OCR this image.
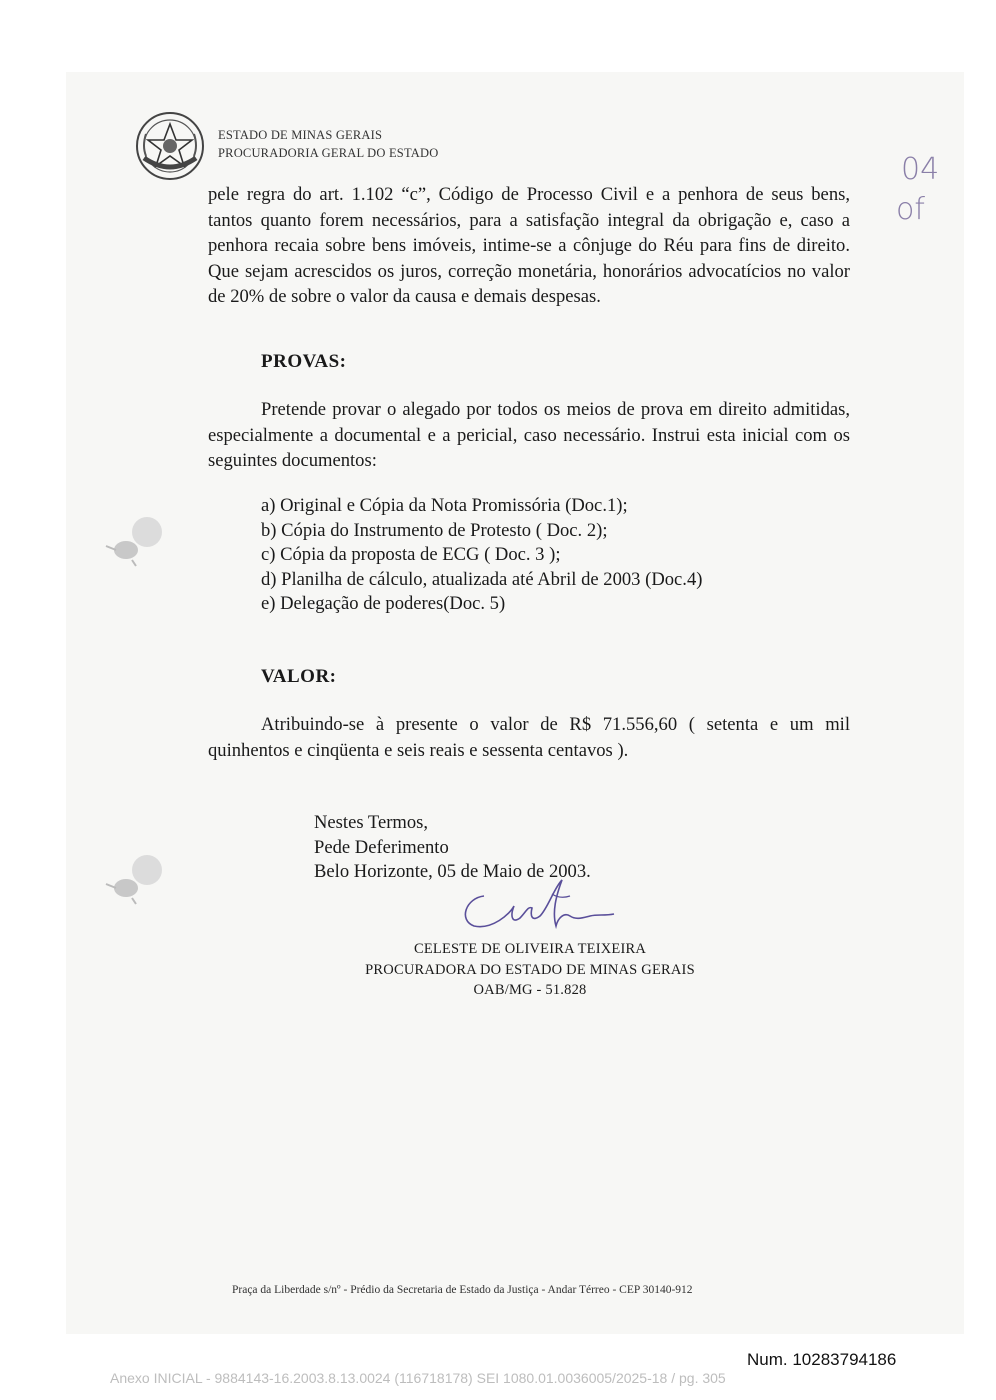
ESTADO DE MINAS GERAIS
PROCURADORIA GERAL DO ESTADO	04
of
pele regra do art. 1.102 “c”, Código de Processo Civil e a penhora de seus bens, tantos quanto forem necessários, para a satisfação integral da obrigação e, caso a penhora recaia sobre bens imóveis, intime-se a cônjuge do Réu para fins de direito. Que sejam acrescidos os juros, correção monetária, honorários advocatícios no valor de 20% de sobre o valor da causa e demais despesas.
PROVAS:
Pretende provar o alegado por todos os meios de prova em direito admitidas, especialmente a documental e a pericial, caso necessário. Instrui esta inicial com os seguintes documentos:
a) Original e Cópia da Nota Promissória (Doc.1);
b) Cópia do Instrumento de Protesto ( Doc. 2);
c) Cópia da proposta de ECG ( Doc. 3 );
d) Planilha de cálculo, atualizada até Abril de 2003 (Doc.4)
e) Delegação de poderes(Doc. 5)
VALOR:
Atribuindo-se à presente o valor de R$ 71.556,60 ( setenta e um mil quinhentos e cinqüenta e seis reais e sessenta centavos ).
Nestes Termos,
Pede Deferimento
Belo Horizonte, 05 de Maio de 2003.
CELESTE DE OLIVEIRA TEIXEIRA
PROCURADORA DO ESTADO DE MINAS GERAIS
OAB/MG - 51.828
Praça da Liberdade s/nº - Prédio da Secretaria de Estado da Justiça - Andar Térreo - CEP 30140-912
Num. 10283794186
Anexo INICIAL - 9884143-16.2003.8.13.0024 (116718178) SEI 1080.01.0036005/2025-18 / pg. 305
